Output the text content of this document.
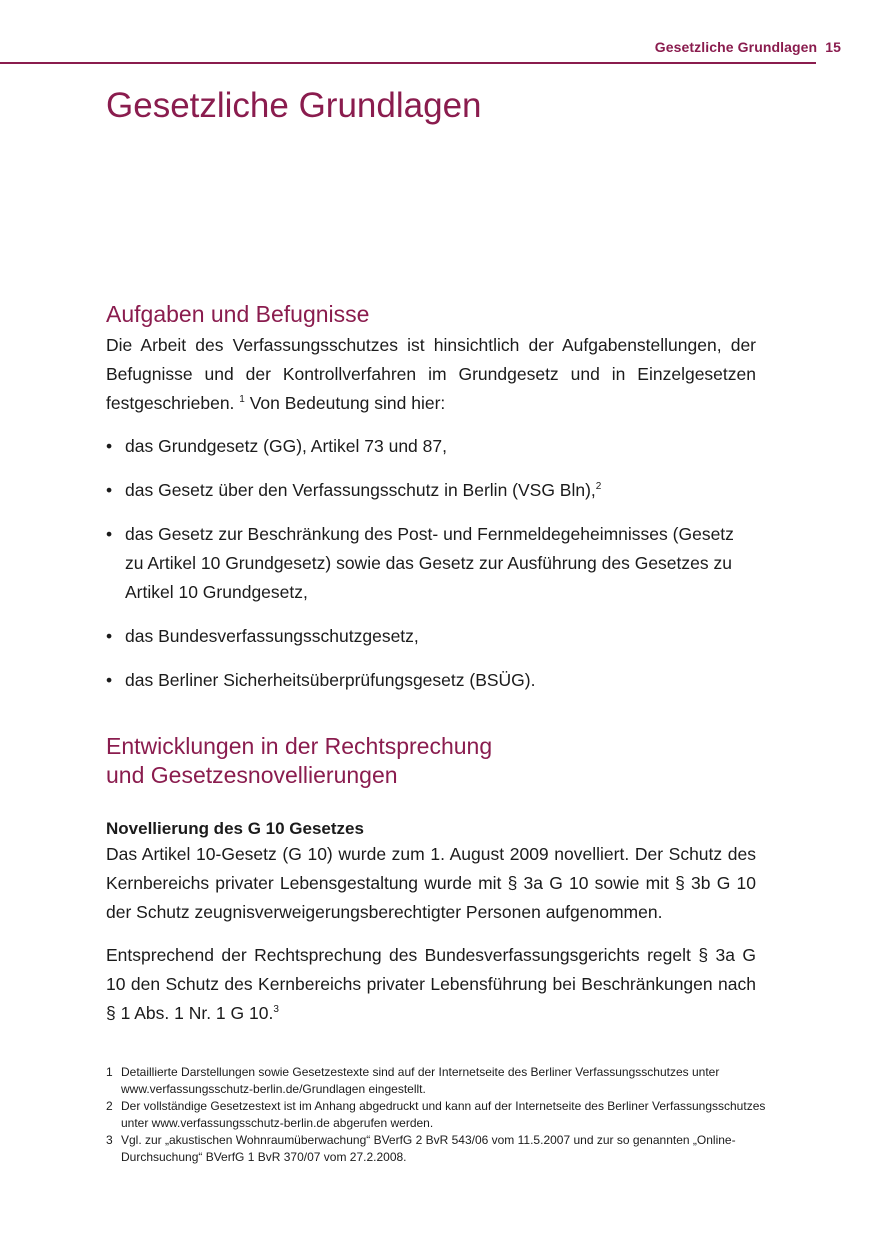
Gesetzliche Grundlagen 15
Gesetzliche Grundlagen
Aufgaben und Befugnisse

Die Arbeit des Verfassungsschutzes ist hinsichtlich der Aufgabenstellungen, der Befugnisse und der Kontrollverfahren im Grundgesetz und in Einzelgesetzen festgeschrieben. $^1$ Von Bedeutung sind hier:

• das Grundgesetz (GG), Artikel 73 und 87,
• das Gesetz über den Verfassungsschutz in Berlin (VSG Bln),$^2$
• das Gesetz zur Beschränkung des Post- und Fernmeldegeheimnisses (Gesetz zu Artikel 10 Grundgesetz) sowie das Gesetz zur Ausführung des Gesetzes zu Artikel 10 Grundgesetz,
• das Bundesverfassungsschutzgesetz,
• das Berliner Sicherheitsüberprüfungsgesetz (BSÜG).
Entwicklungen in der Rechtsprechung
und Gesetzesnovellierungen
Novellierung des G 10 Gesetzes

Das Artikel 10-Gesetz (G 10) wurde zum 1. August 2009 novelliert. Der Schutz des Kernbereichs privater Lebensgestaltung wurde mit § 3a G 10 sowie mit § 3b G 10 der Schutz zeugnisverweigerungsberechtigter Personen aufgenommen.

Entsprechend der Rechtsprechung des Bundesverfassungsgerichts regelt § 3a G 10 den Schutz des Kernbereichs privater Lebensführung bei Beschränkungen nach § 1 Abs. 1 Nr. 1 G 10.$^3$

1 Detaillierte Darstellungen sowie Gesetzestexte sind auf der Internetseite des Berliner Verfassungsschutzes unter www.verfassungsschutz-berlin.de/Grundlagen eingestellt.
2 Der vollständige Gesetzestext ist im Anhang abgedruckt und kann auf der Internetseite des Berliner Verfassungsschutzes unter www.verfassungsschutz-berlin.de abgerufen werden.
3 Vgl. zur „akustischen Wohnraumüberwachung“ BVerfG 2 BvR 543/06 vom 11.5.2007 und zur so genannten „Online-Durchsuchung“ BVerfG 1 BvR 370/07 vom 27.2.2008.
